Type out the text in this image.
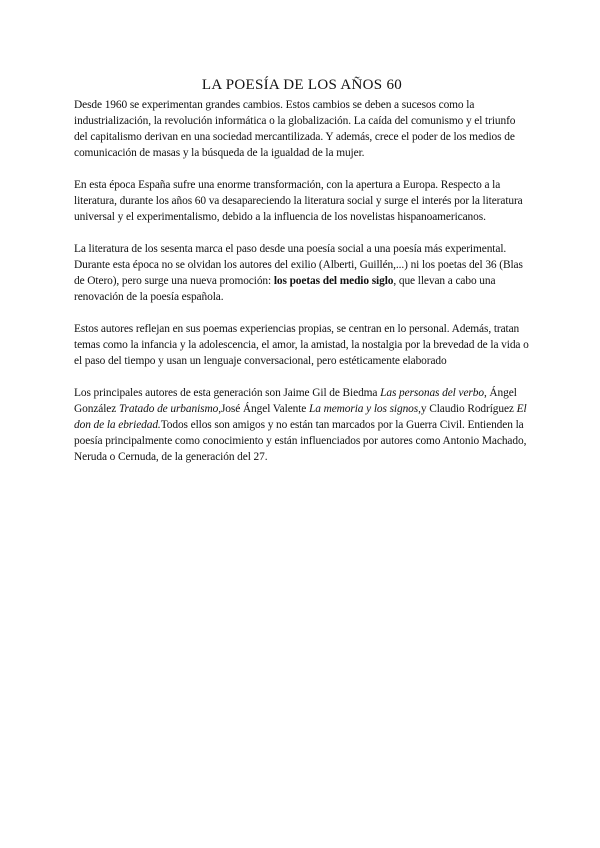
LA POESÍA DE LOS AÑOS 60

Desde 1960 se experimentan grandes cambios. Estos cambios se deben a sucesos como la industrialización, la revolución informática o la globalización. La caída del comunismo y el triunfo del capitalismo derivan en una sociedad mercantilizada. Y además, crece el poder de los medios de comunicación de masas y la búsqueda de la igualdad de la mujer.

En esta época España sufre una enorme transformación, con la apertura a Europa. Respecto a la literatura, durante los años 60 va desapareciendo la literatura social y surge el interés por la literatura universal y el experimentalismo, debido a la influencia de los novelistas hispanoamericanos.

La literatura de los sesenta marca el paso desde una poesía social a una poesía más experimental. Durante esta época no se olvidan los autores del exilio (Alberti, Guillén,...) ni los poetas del 36 (Blas de Otero), pero surge una nueva promoción: los poetas del medio siglo, que llevan a cabo una renovación de la poesía española.

Estos autores reflejan en sus poemas experiencias propias, se centran en lo personal. Además, tratan temas como la infancia y la adolescencia, el amor, la amistad, la nostalgia por la brevedad de la vida o el paso del tiempo y usan un lenguaje conversacional, pero estéticamente elaborado

Los principales autores de esta generación son Jaime Gil de Biedma Las personas del verbo, Ángel González Tratado de urbanismo,José Ángel Valente La memoria y los signos,y Claudio Rodríguez El don de la ebriedad.Todos ellos son amigos y no están tan marcados por la Guerra Civil. Entienden la poesía principalmente como conocimiento y están influenciados por autores como Antonio Machado, Neruda o Cernuda, de la generación del 27.
